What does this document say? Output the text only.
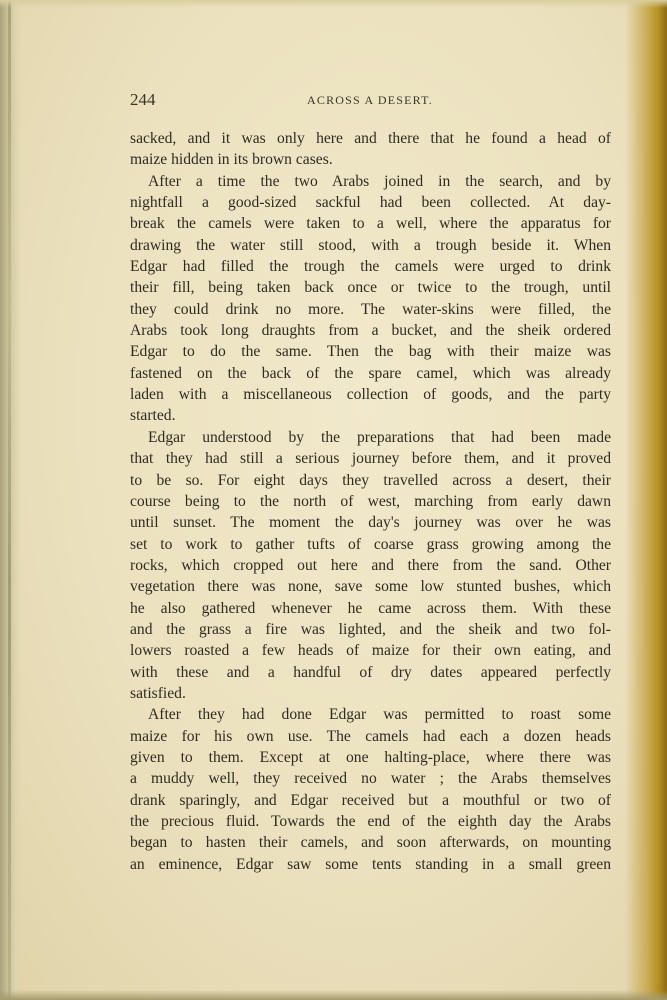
244	ACROSS A DESERT.
sacked, and it was only here and there that he found a head of
maize hidden in its brown cases.
After a time the two Arabs joined in the search, and by
nightfall a good-sized sackful had been collected. At day-
break the camels were taken to a well, where the apparatus for
drawing the water still stood, with a trough beside it. When
Edgar had filled the trough the camels were urged to drink
their fill, being taken back once or twice to the trough, until
they could drink no more. The water-skins were filled, the
Arabs took long draughts from a bucket, and the sheik ordered
Edgar to do the same. Then the bag with their maize was
fastened on the back of the spare camel, which was already
laden with a miscellaneous collection of goods, and the party
started.
Edgar understood by the preparations that had been made
that they had still a serious journey before them, and it proved
to be so. For eight days they travelled across a desert, their
course being to the north of west, marching from early dawn
until sunset. The moment the day's journey was over he was
set to work to gather tufts of coarse grass growing among the
rocks, which cropped out here and there from the sand. Other
vegetation there was none, save some low stunted bushes, which
he also gathered whenever he came across them. With these
and the grass a fire was lighted, and the sheik and two fol-
lowers roasted a few heads of maize for their own eating, and
with these and a handful of dry dates appeared perfectly
satisfied.
After they had done Edgar was permitted to roast some
maize for his own use. The camels had each a dozen heads
given to them. Except at one halting-place, where there was
a muddy well, they received no water ; the Arabs themselves
drank sparingly, and Edgar received but a mouthful or two of
the precious fluid. Towards the end of the eighth day the Arabs
began to hasten their camels, and soon afterwards, on mounting
an eminence, Edgar saw some tents standing in a small green
